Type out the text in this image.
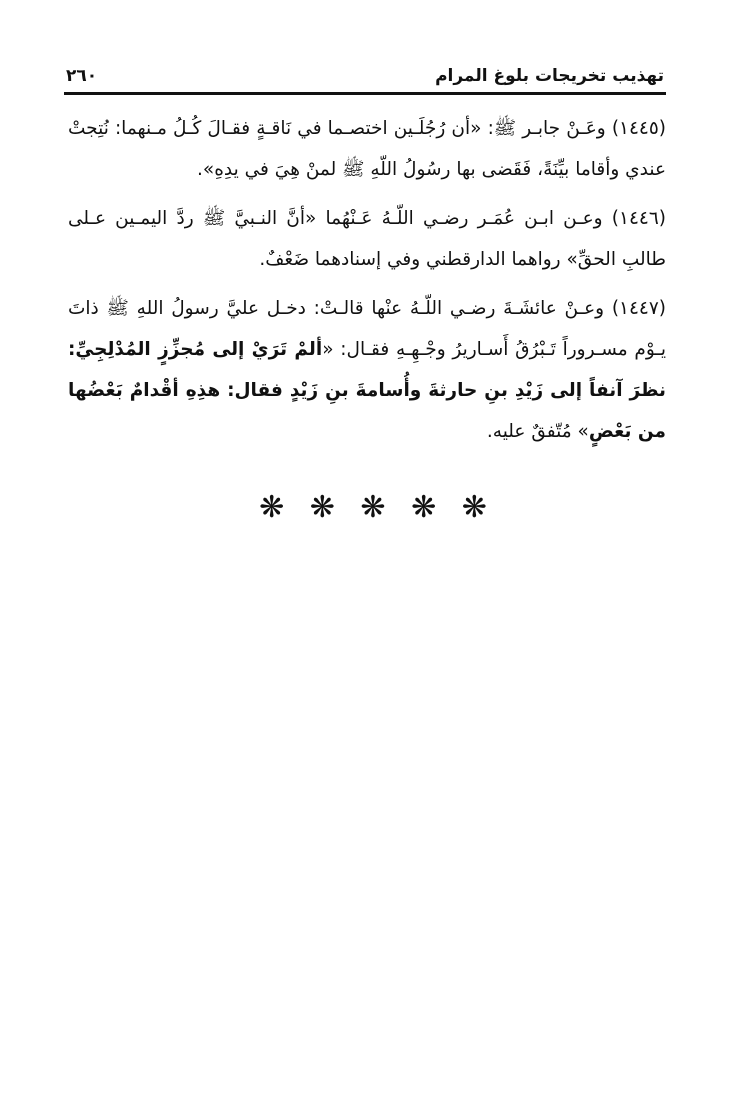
تهذيب تخريجات بلوغ المرام
٢٦٠

(١٤٤٥) وعَـنْ جابـر ﷺ: «أن رُجُلَـين اختصـما في نَاقـةٍ فقـالَ كُـلُ مـنهما: نُتِجتْ عندي وأقاما بيِّنَةً، فَقَضى بها رسُولُ اللّهِ ﷺ لمنْ هِيَ في يدِهِ».

(١٤٤٦) وعـن ابـن عُمَـر رضـي اللّـهُ عَـنْهُما «أنَّ النـبيَّ ﷺ ردَّ اليمـين عـلى طالبِ الحقِّ» رواهما الدارقطني وفي إسنادهما ضَعْفٌ.

(١٤٤٧) وعـنْ عائشَـةَ رضـي اللّـهُ عنْها قالـتْ: دخـل عليَّ رسولُ اللهِ ﷺ ذاتَ يـوْم مسـروراً تَـبْرُقُ أَسـاريرُ وجْـهِـهِ فقـال: «ألمْ تَرَيْ إلى مُجزِّزٍ المُدْلِجِيِّ: نظرَ آنفاً إلى زَيْدِ بنِ حارثةَ وأُسامةَ بنِ زَيْدٍ فقال: هذِهِ أقْدامٌ بَعْضُها من بَعْضٍ» مُتّفقٌ عليه.

❋ ❋ ❋ ❋ ❋
